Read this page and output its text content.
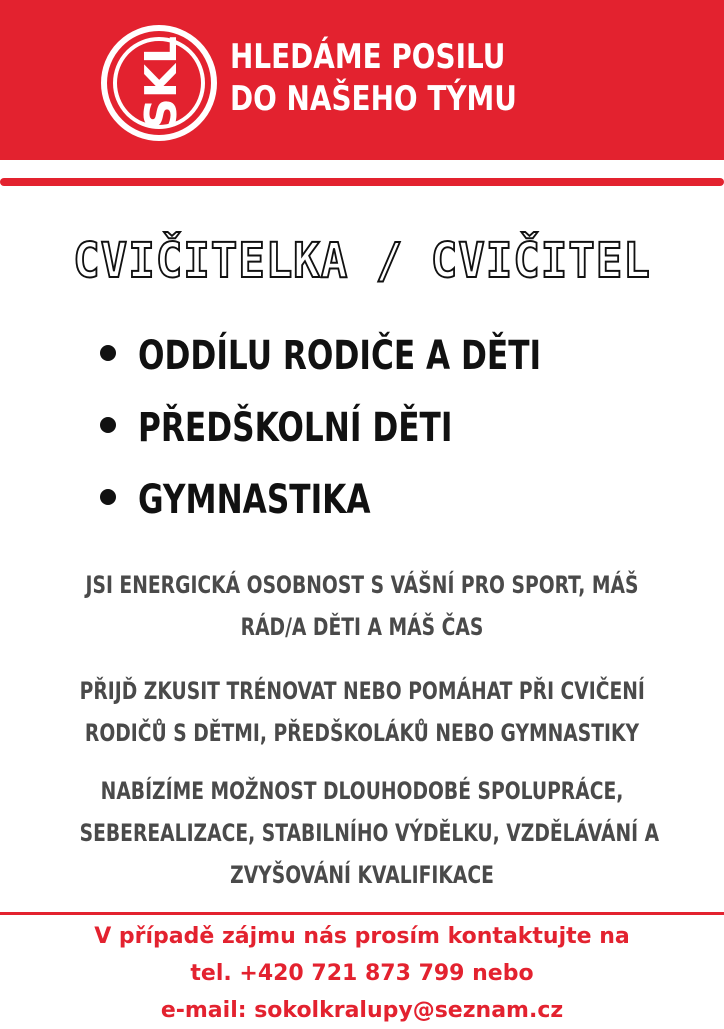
SKL HLEDÁME POSILU
DO NAŠEHO TÝMU
CVIČITELKA / CVIČITEL
ODDÍLU RODIČE A DĚTI
PŘEDŠKOLNÍ DĚTI
GYMNASTIKA
JSI ENERGICKÁ OSOBNOST S VÁŠNÍ PRO SPORT, MÁŠ
RÁD/A DĚTI A MÁŠ ČAS
PŘIJĎ ZKUSIT TRÉNOVAT NEBO POMÁHAT PŘI CVIČENÍ
RODIČŮ S DĚTMI, PŘEDŠKOLÁKŮ NEBO GYMNASTIKY
NABÍZÍME MOŽNOST DLOUHODOBÉ SPOLUPRÁCE,
SEBEREALIZACE, STABILNÍHO VÝDĚLKU, VZDĚLÁVÁNÍ A
ZVYŠOVÁNÍ KVALIFIKACE
V případě zájmu nás prosím kontaktujte na
tel. +420 721 873 799 nebo
e-mail: sokolkralupy@seznam.cz
